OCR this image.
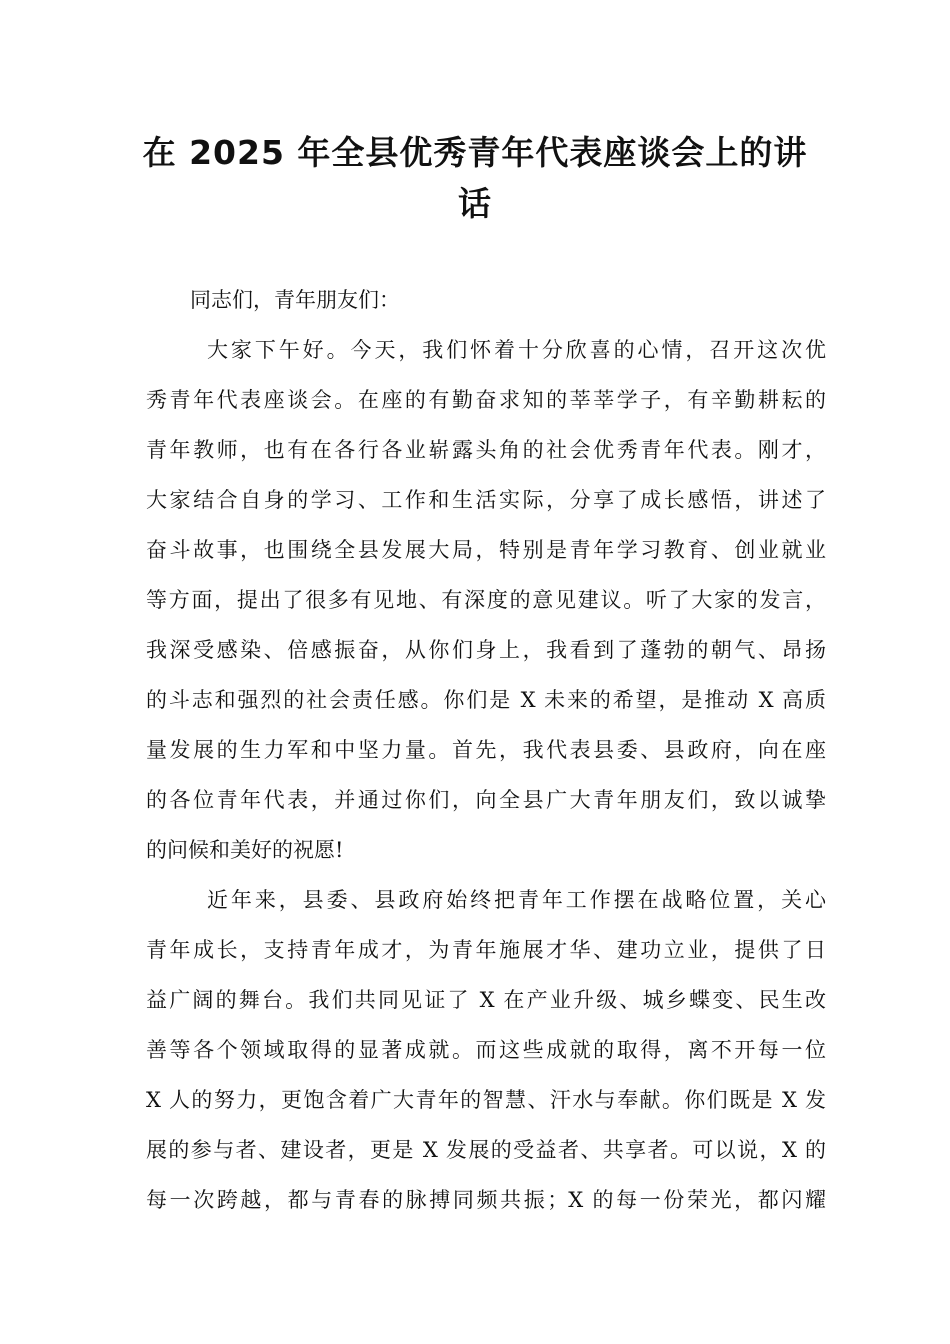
在 2025 年全县优秀青年代表座谈会上的讲
话

同志们，青年朋友们：

大家下午好。今天，我们怀着十分欣喜的心情，召开这次优

秀青年代表座谈会。在座的有勤奋求知的莘莘学子，有辛勤耕耘的

青年教师，也有在各行各业崭露头角的社会优秀青年代表。刚才，

大家结合自身的学习、工作和生活实际，分享了成长感悟，讲述了

奋斗故事，也围绕全县发展大局，特别是青年学习教育、创业就业

等方面，提出了很多有见地、有深度的意见建议。听了大家的发言，

我深受感染、倍感振奋，从你们身上，我看到了蓬勃的朝气、昂扬

的斗志和强烈的社会责任感。你们是 X 未来的希望，是推动 X 高质

量发展的生力军和中坚力量。首先，我代表县委、县政府，向在座

的各位青年代表，并通过你们，向全县广大青年朋友们，致以诚挚

的问候和美好的祝愿!

近年来，县委、县政府始终把青年工作摆在战略位置，关心

青年成长，支持青年成才，为青年施展才华、建功立业，提供了日

益广阔的舞台。我们共同见证了 X 在产业升级、城乡蝶变、民生改

善等各个领域取得的显著成就。而这些成就的取得，离不开每一位

X 人的努力，更饱含着广大青年的智慧、汗水与奉献。你们既是 X 发

展的参与者、建设者，更是 X 发展的受益者、共享者。可以说，X 的

每一次跨越，都与青春的脉搏同频共振；X 的每一份荣光，都闪耀
